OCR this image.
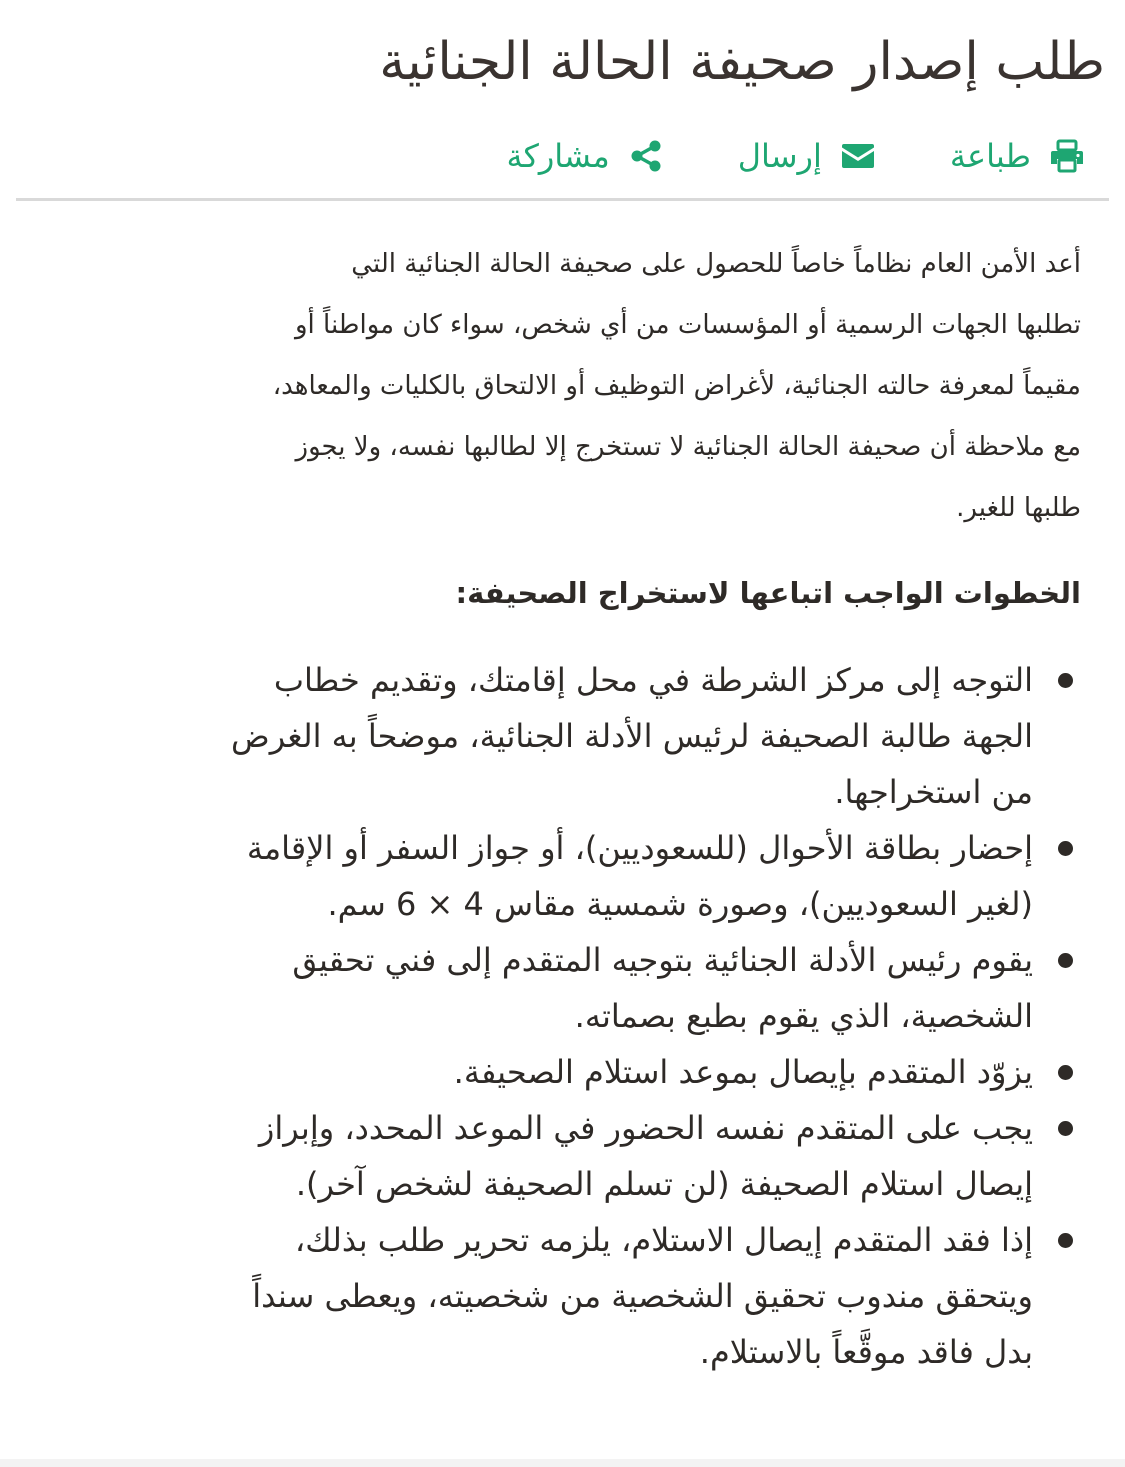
طلب إصدار صحيفة الحالة الجنائية
طباعة
إرسال
مشاركة

أعد الأمن العام نظاماً خاصاً للحصول على صحيفة الحالة الجنائية التي
تطلبها الجهات الرسمية أو المؤسسات من أي شخص، سواء كان مواطناً أو
مقيماً لمعرفة حالته الجنائية، لأغراض التوظيف أو الالتحاق بالكليات والمعاهد،
مع ملاحظة أن صحيفة الحالة الجنائية لا تستخرج إلا لطالبها نفسه، ولا يجوز
طلبها للغير.

الخطوات الواجب اتباعها لاستخراج الصحيفة:
التوجه إلى مركز الشرطة في محل إقامتك، وتقديم خطاب
الجهة طالبة الصحيفة لرئيس الأدلة الجنائية، موضحاً به الغرض
من استخراجها.
إحضار بطاقة الأحوال (للسعوديين)، أو جواز السفر أو الإقامة
(لغير السعوديين)، وصورة شمسية مقاس 4 × 6 سم.
يقوم رئيس الأدلة الجنائية بتوجيه المتقدم إلى فني تحقيق
الشخصية، الذي يقوم بطبع بصماته.
يزوّد المتقدم بإيصال بموعد استلام الصحيفة.
يجب على المتقدم نفسه الحضور في الموعد المحدد، وإبراز
إيصال استلام الصحيفة (لن تسلم الصحيفة لشخص آخر).
إذا فقد المتقدم إيصال الاستلام، يلزمه تحرير طلب بذلك،
ويتحقق مندوب تحقيق الشخصية من شخصيته، ويعطى سنداً
بدل فاقد موقَّعاً بالاستلام.
